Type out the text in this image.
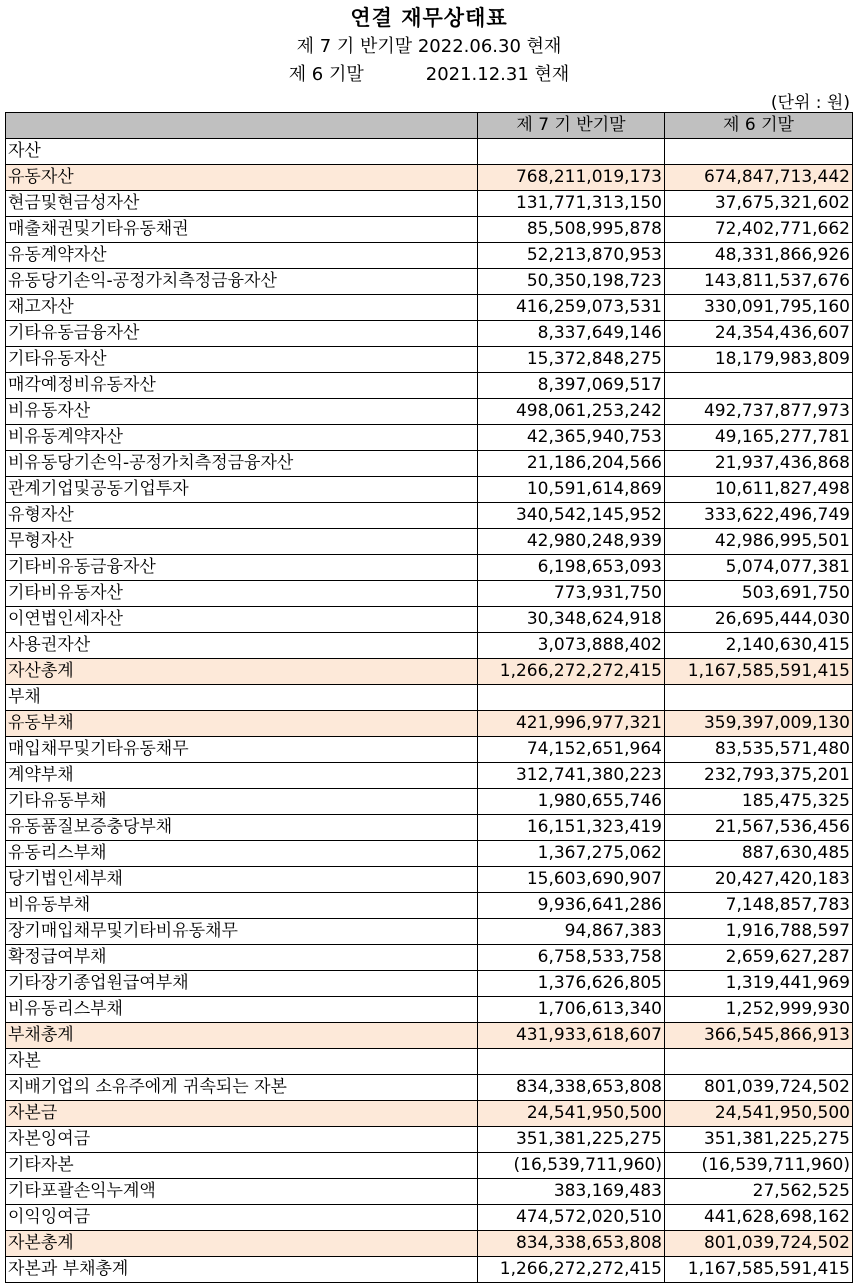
연결 재무상태표
제 7 기 반기말 2022.06.30 현재
제 6 기말	2021.12.31 현재
(단위 : 원)
	제 7 기 반기말	제 6 기말
자산		
유동자산	768,211,019,173	674,847,713,442
현금및현금성자산	131,771,313,150	37,675,321,602
매출채권및기타유동채권	85,508,995,878	72,402,771,662
유동계약자산	52,213,870,953	48,331,866,926
유동당기손익-공정가치측정금융자산	50,350,198,723	143,811,537,676
재고자산	416,259,073,531	330,091,795,160
기타유동금융자산	8,337,649,146	24,354,436,607
기타유동자산	15,372,848,275	18,179,983,809
매각예정비유동자산	8,397,069,517	
비유동자산	498,061,253,242	492,737,877,973
비유동계약자산	42,365,940,753	49,165,277,781
비유동당기손익-공정가치측정금융자산	21,186,204,566	21,937,436,868
관계기업및공동기업투자	10,591,614,869	10,611,827,498
유형자산	340,542,145,952	333,622,496,749
무형자산	42,980,248,939	42,986,995,501
기타비유동금융자산	6,198,653,093	5,074,077,381
기타비유동자산	773,931,750	503,691,750
이연법인세자산	30,348,624,918	26,695,444,030
사용권자산	3,073,888,402	2,140,630,415
자산총계	1,266,272,272,415	1,167,585,591,415
부채		
유동부채	421,996,977,321	359,397,009,130
매입채무및기타유동채무	74,152,651,964	83,535,571,480
계약부채	312,741,380,223	232,793,375,201
기타유동부채	1,980,655,746	185,475,325
유동품질보증충당부채	16,151,323,419	21,567,536,456
유동리스부채	1,367,275,062	887,630,485
당기법인세부채	15,603,690,907	20,427,420,183
비유동부채	9,936,641,286	7,148,857,783
장기매입채무및기타비유동채무	94,867,383	1,916,788,597
확정급여부채	6,758,533,758	2,659,627,287
기타장기종업원급여부채	1,376,626,805	1,319,441,969
비유동리스부채	1,706,613,340	1,252,999,930
부채총계	431,933,618,607	366,545,866,913
자본		
지배기업의 소유주에게 귀속되는 자본	834,338,653,808	801,039,724,502
자본금	24,541,950,500	24,541,950,500
자본잉여금	351,381,225,275	351,381,225,275
기타자본	(16,539,711,960)	(16,539,711,960)
기타포괄손익누계액	383,169,483	27,562,525
이익잉여금	474,572,020,510	441,628,698,162
자본총계	834,338,653,808	801,039,724,502
자본과 부채총계	1,266,272,272,415	1,167,585,591,415
